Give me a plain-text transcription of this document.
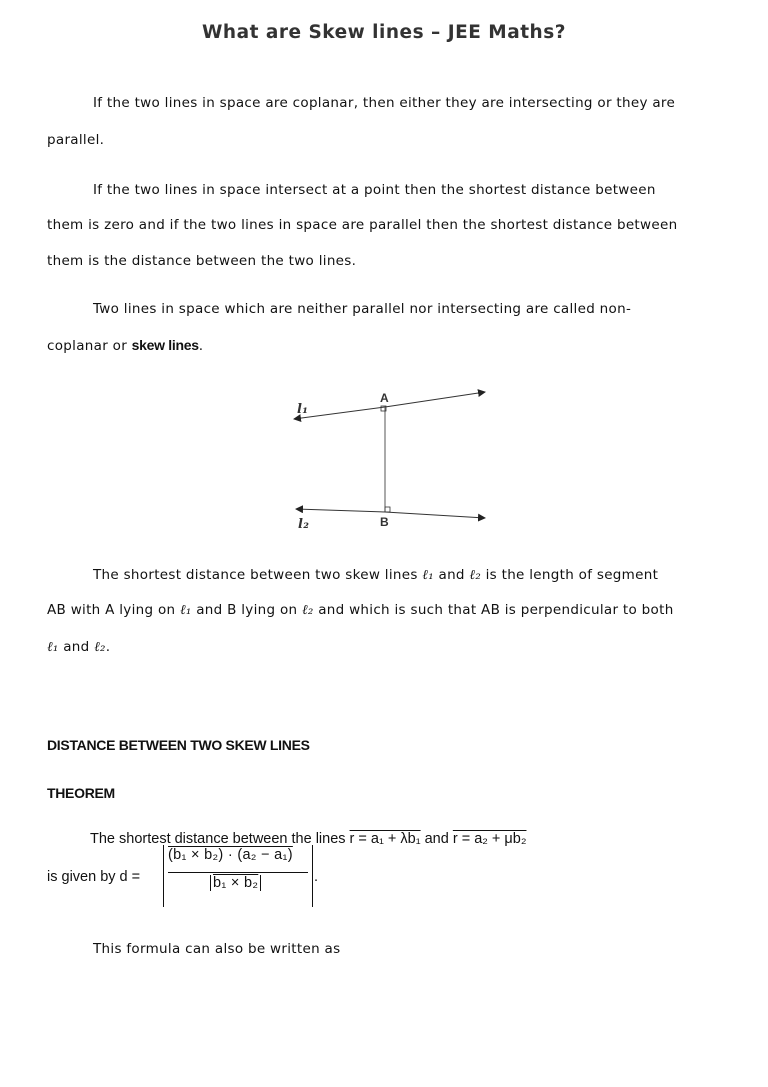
What are Skew lines – JEE Maths?
If the two lines in space are coplanar, then either they are intersecting or they are
parallel.
If the two lines in space intersect at a point then the shortest distance between
them is zero and if the two lines in space are parallel then the shortest distance between
them is the distance between the two lines.
Two lines in space which are neither parallel nor intersecting are called non-
coplanar or skew lines.
l₁
l₂
A
B
The shortest distance between two skew lines ℓ₁ and ℓ₂ is the length of segment
AB with A lying on ℓ₁ and B lying on ℓ₂ and which is such that AB is perpendicular to both
ℓ₁ and ℓ₂.
DISTANCE BETWEEN TWO SKEW LINES
THEOREM
The shortest distance between the lines r = a₁ + λb₁ and r = a₂ + μb₂
is given by $d = \frac{\text{(b₁ × b₂) · (a₂ − a₁)}}{\text{b₁ × b₂}}$ .
This formula can also be written as
